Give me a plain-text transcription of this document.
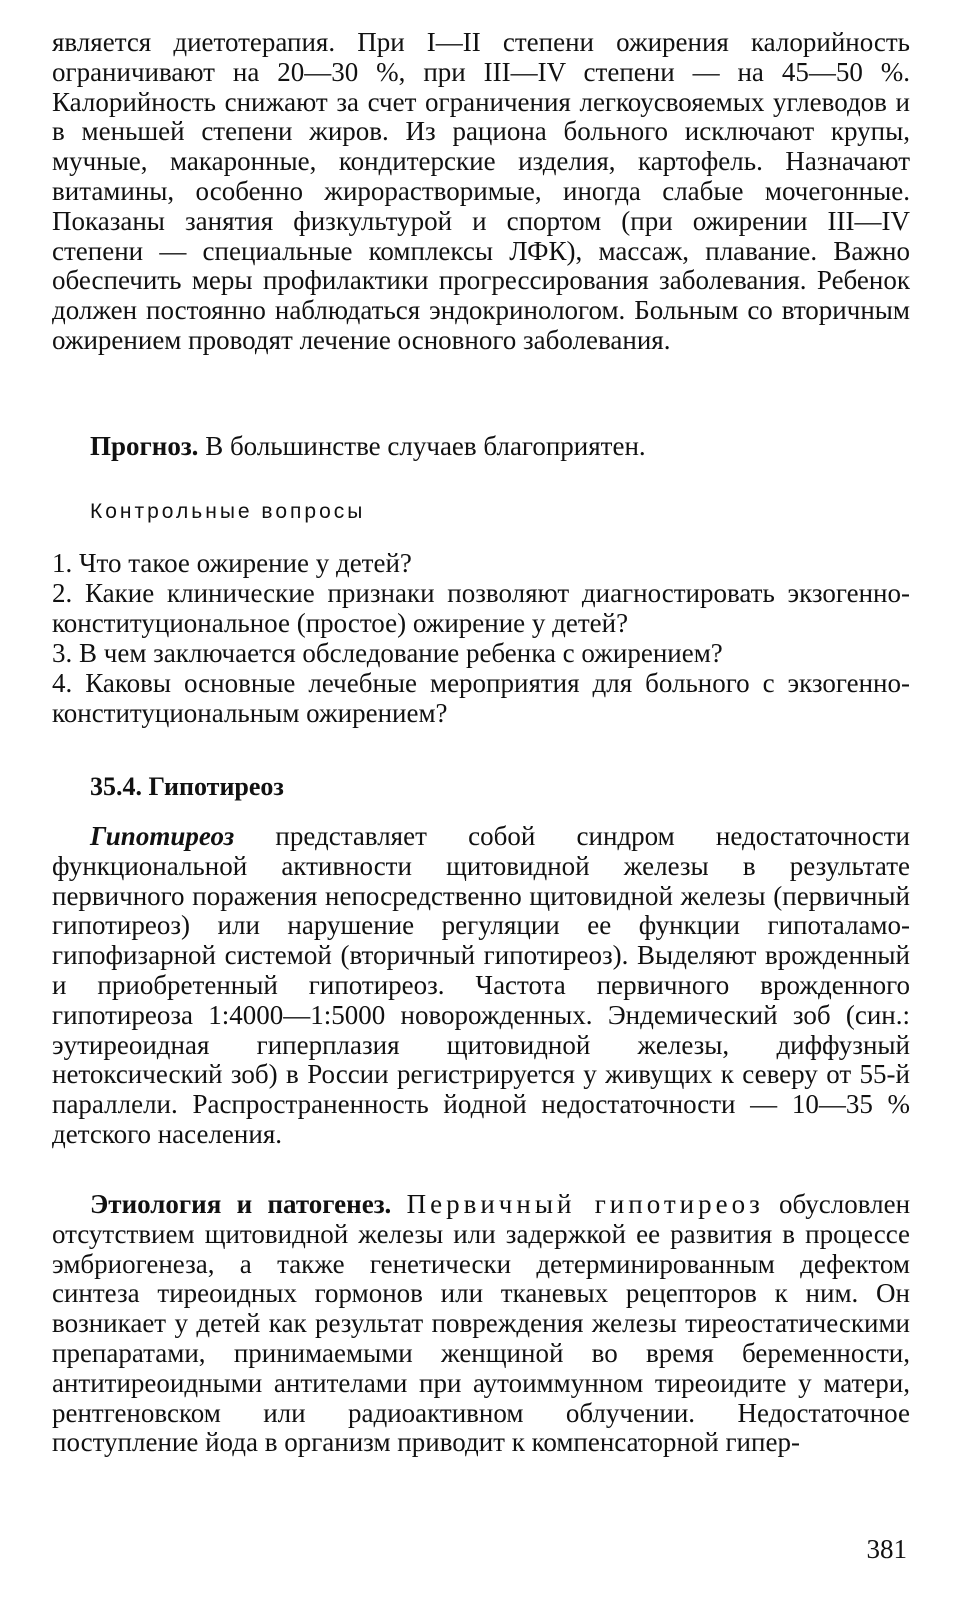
является диетотерапия. При I—II степени ожирения калорийность ограничивают на 20—30 %, при III—IV степени — на 45—50 %. Калорийность снижают за счет ограничения легкоусвояемых углеводов и в меньшей степени жиров. Из рациона больного исключают крупы, мучные, макаронные, кондитерские изделия, картофель. Назначают витамины, особенно жирорастворимые, иногда слабые мочегонные. Показаны занятия физкультурой и спортом (при ожирении III—IV степени — специальные комплексы ЛФК), массаж, плавание. Важно обеспечить меры профилактики прогрессирования заболевания. Ребенок должен постоянно наблюдаться эндокринологом. Больным со вторичным ожирением проводят лечение основного заболевания.

Прогноз. В большинстве случаев благоприятен.

Контрольные вопросы

1. Что такое ожирение у детей?

2. Какие клинические признаки позволяют диагностировать экзогенно-конституциональное (простое) ожирение у детей?

3. В чем заключается обследование ребенка с ожирением?

4. Каковы основные лечебные мероприятия для больного с экзогенно-конституциональным ожирением?

35.4. Гипотиреоз

Гипотиреоз представляет собой синдром недостаточности функциональной активности щитовидной железы в результате первичного поражения непосредственно щитовидной железы (первичный гипотиреоз) или нарушение регуляции ее функции гипоталамо-гипофизарной системой (вторичный гипотиреоз). Выделяют врожденный и приобретенный гипотиреоз. Частота первичного врожденного гипотиреоза 1:4000—1:5000 новорожденных. Эндемический зоб (син.: эутиреоидная гиперплазия щитовидной железы, диффузный нетоксический зоб) в России регистрируется у живущих к северу от 55-й параллели. Распространенность йодной недостаточности — 10—35 % детского населения.

Этиология и патогенез. Первичный гипотиреоз обусловлен отсутствием щитовидной железы или задержкой ее развития в процессе эмбриогенеза, а также генетически детерминированным дефектом синтеза тиреоидных гормонов или тканевых рецепторов к ним. Он возникает у детей как результат повреждения железы тиреостатическими препаратами, принимаемыми женщиной во время беременности, антитиреоидными антителами при аутоиммунном тиреоидите у матери, рентгеновском или радиоактивном облучении. Недостаточное поступление йода в организм приводит к компенсаторной гипер-

381
